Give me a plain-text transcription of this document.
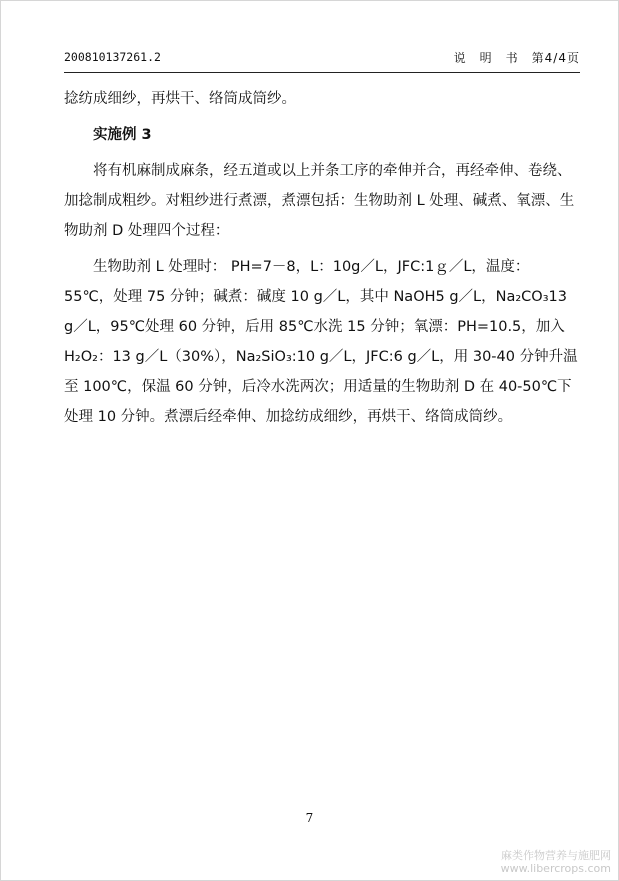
200810137261.2	说　明　书　第4/4页

捻纺成细纱，再烘干、络筒成筒纱。

实施例 3

将有机麻制成麻条，经五道或以上并条工序的牵伸并合，再经牵伸、卷绕、加捻制成粗纱。对粗纱进行煮漂，煮漂包括：生物助剂 L 处理、碱煮、氧漂、生物助剂 D 处理四个过程：

生物助剂 L 处理时： PH=7－8，L：10g／L，JFC:1ｇ／L，温度：55℃，处理 75 分钟；碱煮：碱度 10 g／L，其中 NaOH5 g／L，Na₂CO₃13 g／L，95℃处理 60 分钟，后用 85℃水洗 15 分钟；氧漂：PH=10.5，加入 H₂O₂：13 g／L（30%），Na₂SiO₃:10 g／L，JFC:6 g／L，用 30-40 分钟升温至 100℃，保温 60 分钟，后冷水洗两次；用适量的生物助剂 D 在 40-50℃下处理 10 分钟。煮漂后经牵伸、加捻纺成细纱，再烘干、络筒成筒纱。

7
麻类作物营养与施肥网
www.libercrops.com
